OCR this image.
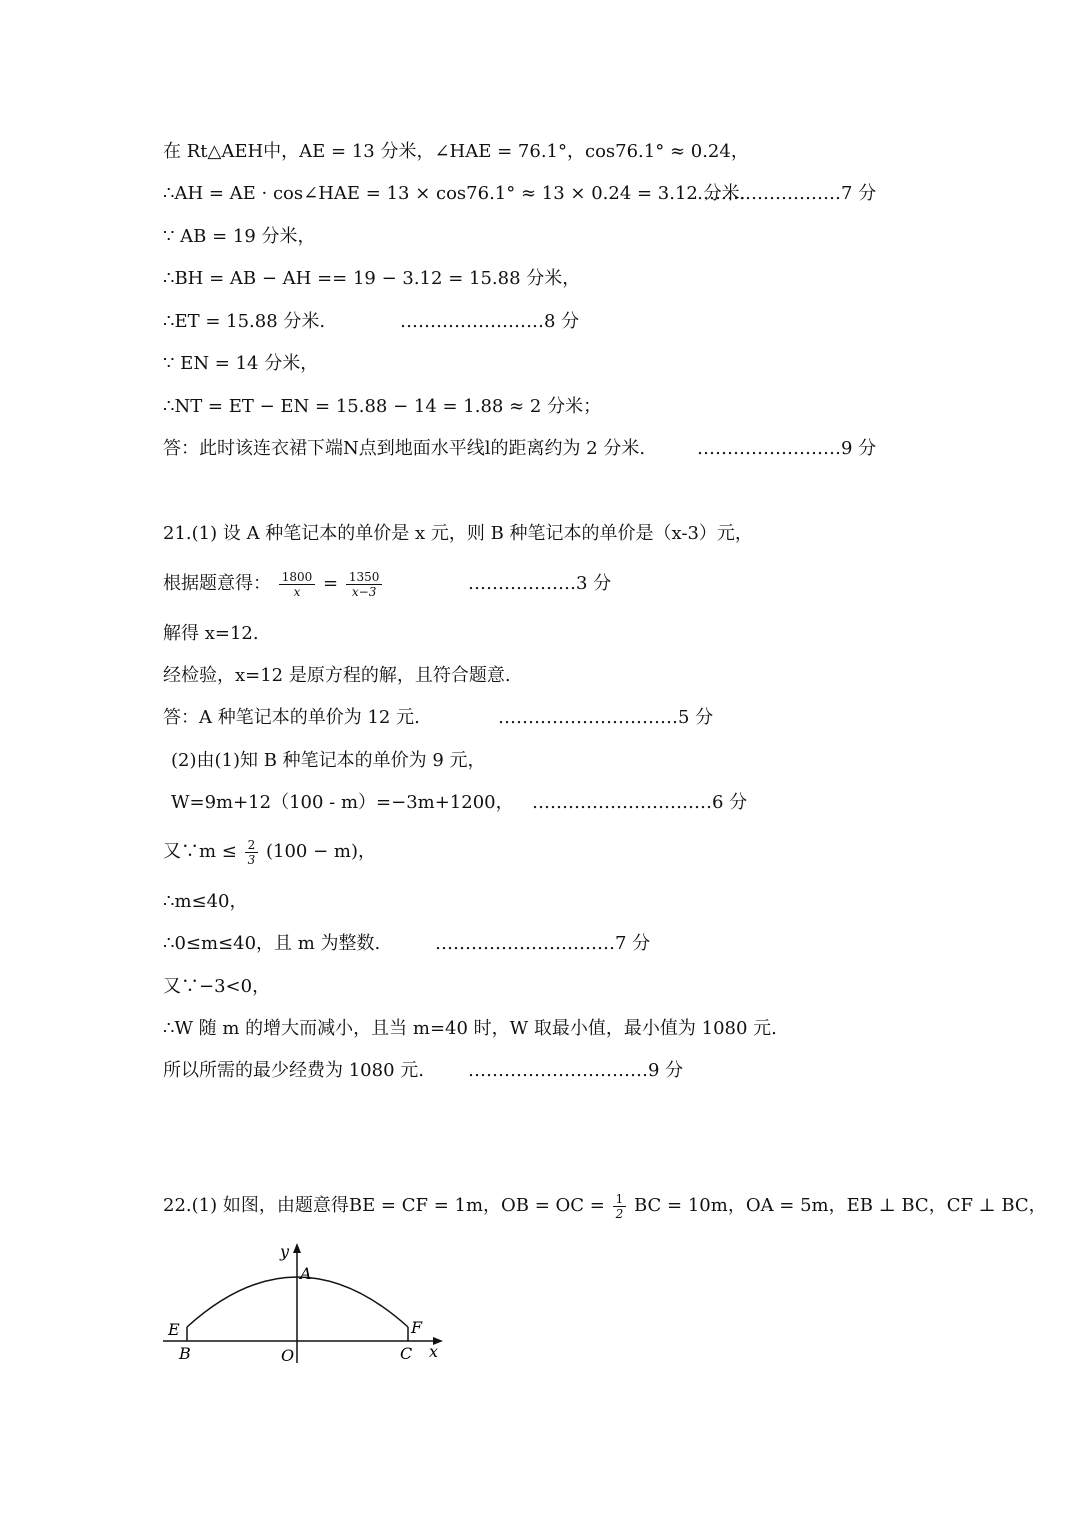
在 Rt△AEH中，AE = 13 分米，∠HAE = 76.1°，cos76.1° ≈ 0.24，
∴AH = AE · cos∠HAE = 13 × cos76.1° ≈ 13 × 0.24 = 3.12 分米.
……………………7 分
∵ AB = 19 分米，
∴BH = AB − AH == 19 − 3.12 = 15.88 分米，
∴ET = 15.88 分米.	……………………8 分
∵ EN = 14 分米，
∴NT = ET − EN = 15.88 − 14 = 1.88 ≈ 2 分米；
答：此时该连衣裙下端N点到地面水平线l的距离约为 2 分米.	……………………9 分
21.(1) 设 A 种笔记本的单价是 x 元，则 B 种笔记本的单价是（x-3）元，
根据题意得： $\frac{1800}{x} = \frac{1350}{x-3}$	………………3 分
解得 x=12.
经检验，x=12 是原方程的解，且符合题意.
答：A 种笔记本的单价为 12 元.	…………………………5 分
(2)由(1)知 B 种笔记本的单价为 9 元，
W=9m+12（100 - m）=−3m+1200， …………………………6 分
又∵m ≤ $\frac{2}{3} (100 - m)$，
∴m≤40，
∴0≤m≤40，且 m 为整数.	…………………………7 分
又∵−3<0，
∴W 随 m 的增大而减小，且当 m=40 时，W 取最小值，最小值为 1080 元.
所以所需的最少经费为 1080 元. …………………………9 分
22.(1) 如图，由题意得BE = CF = 1m，OB = OC = $\frac{1}{2}$ BC = 10m，OA = 5m，EB ⊥ BC，CF ⊥ BC，
y
A
E	F
B	O	C x
